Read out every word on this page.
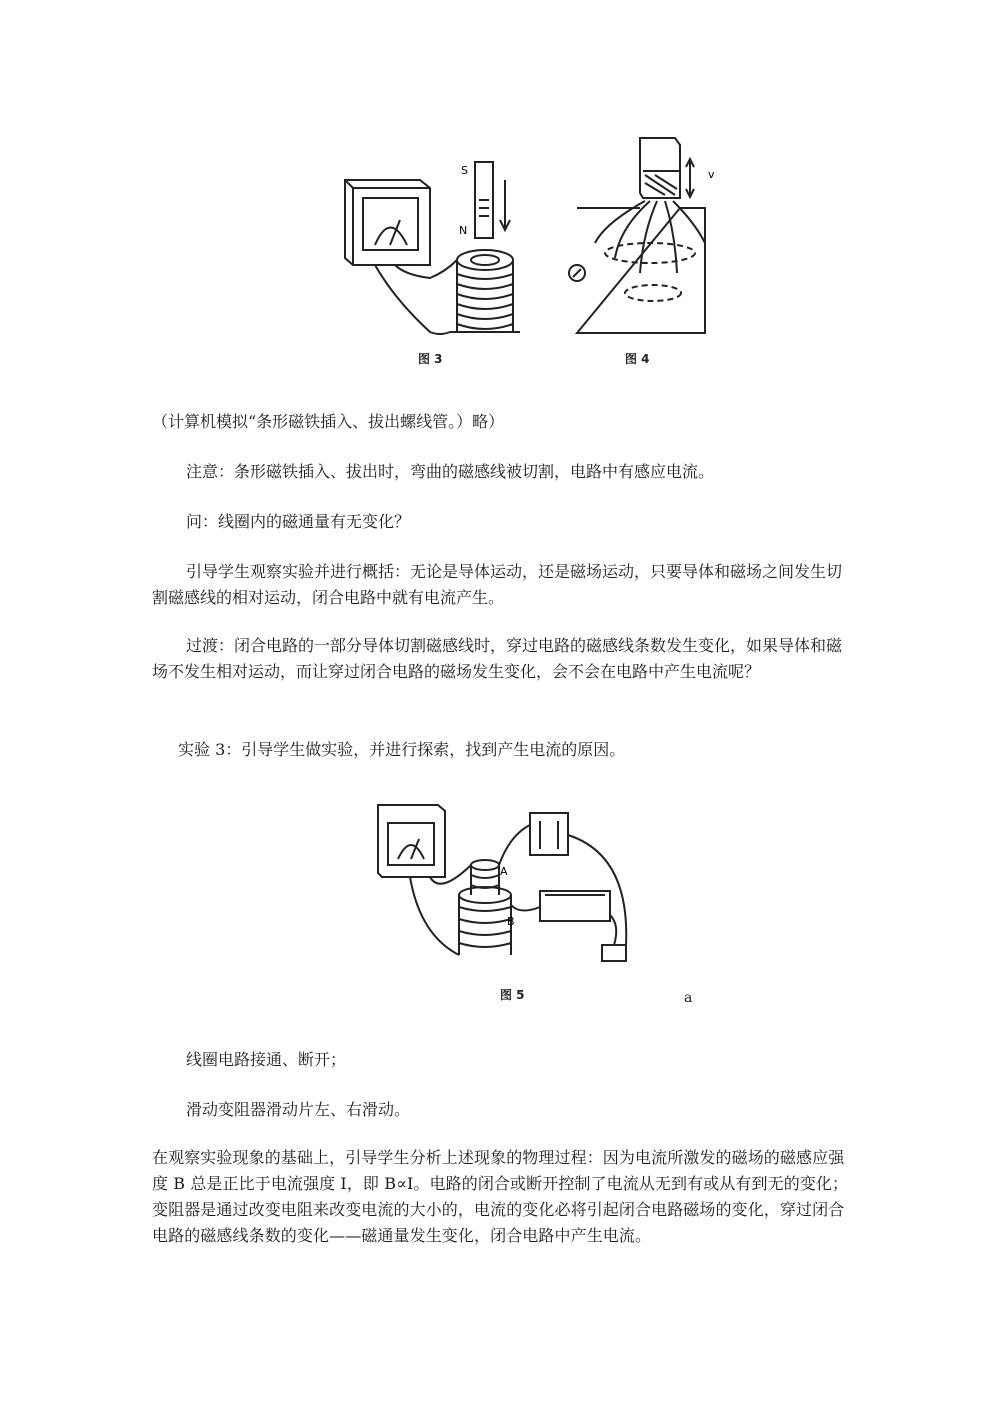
S
N
图 3
v
图 4

（计算机模拟“条形磁铁插入、拔出螺线管。）略）

注意：条形磁铁插入、拔出时，弯曲的磁感线被切割，电路中有感应电流。

问：线圈内的磁通量有无变化？

引导学生观察实验并进行概括：无论是导体运动，还是磁场运动，只要导体和磁场之间发生切割磁感线的相对运动，闭合电路中就有电流产生。

过渡：闭合电路的一部分导体切割磁感线时，穿过电路的磁感线条数发生变化，如果导体和磁场不发生相对运动，而让穿过闭合电路的磁场发生变化，会不会在电路中产生电流呢？

实验 3：引导学生做实验，并进行探索，找到产生电流的原因。

A
B
图 5	a

线圈电路接通、断开；

滑动变阻器滑动片左、右滑动。

在观察实验现象的基础上，引导学生分析上述现象的物理过程：因为电流所激发的磁场的磁感应强度 B 总是正比于电流强度 I，即 B∝I。电路的闭合或断开控制了电流从无到有或从有到无的变化；变阻器是通过改变电阻来改变电流的大小的，电流的变化必将引起闭合电路磁场的变化，穿过闭合电路的磁感线条数的变化——磁通量发生变化，闭合电路中产生电流。
